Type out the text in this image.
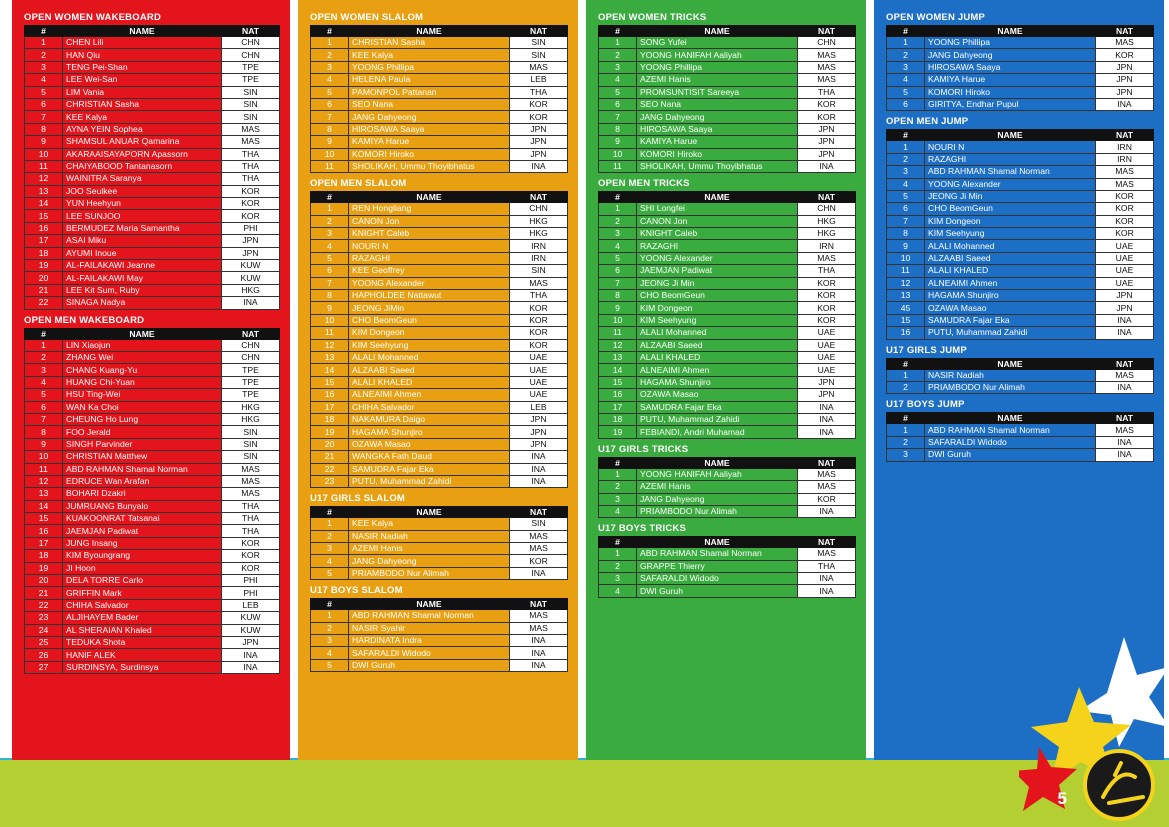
OPEN WOMEN WAKEBOARD
#	NAME	NAT
1	CHEN Lili	CHN
2	HAN Qiu	CHN
3	TENG Pei-Shan	TPE
4	LEE Wei-San	TPE
5	LIM Vania	SIN
6	CHRISTIAN Sasha	SIN
7	KEE Kalya	SIN
8	AYNA YEIN Sophea	MAS
9	SHAMSUL ANUAR Qamarina	MAS
10	AKARAAISAYAPORN Apassorn	THA
11	CHAIYABOOD Tantanasorn	THA
12	WAINITRA Saranya	THA
13	JOO Seulkee	KOR
14	YUN Heehyun	KOR
15	LEE SUNJOO	KOR
16	BERMUDEZ Maria Samantha	PHI
17	ASAI Miku	JPN
18	AYUMI Inoue	JPN
19	AL-FAILAKAWI Jeanne	KUW
20	AL-FAILAKAWI May	KUW
21	LEE Kit Sum, Ruby	HKG
22	SINAGA Nadya	INA
OPEN MEN WAKEBOARD
#	NAME	NAT
1	LIN Xiaojun	CHN
2	ZHANG Wei	CHN
3	CHANG Kuang-Yu	TPE
4	HUANG Chi-Yuan	TPE
5	HSU Ting-Wei	TPE
6	WAN Ka Choi	HKG
7	CHEUNG Ho Lung	HKG
8	FOO Jerald	SIN
9	SINGH Parvinder	SIN
10	CHRISTIAN Matthew	SIN
11	ABD RAHMAN Shamal Norman	MAS
12	EDRUCE Wan Arafan	MAS
13	BOHARI Dzakri	MAS
14	JUMRUANG Bunyalo	THA
15	KUAKOONRAT Tatsanai	THA
16	JAEMJAN Padiwat	THA
17	JUNG Insang	KOR
18	KIM Byoungrang	KOR
19	JI Hoon	KOR
20	DELA TORRE Carlo	PHI
21	GRIFFIN Mark	PHI
22	CHIHA Salvador	LEB
23	ALJIHAYEM Bader	KUW
24	AL SHERAIAN Khaled	KUW
25	TEDUKA Shota	JPN
26	HANIF ALEK	INA
27	SURDINSYA, Surdinsya	INA
OPEN WOMEN SLALOM
#	NAME	NAT
1	CHRISTIAN Sasha	SIN
2	KEE Kalya	SIN
3	YOONG Phillipa	MAS
4	HELENA Paula	LEB
5	PAMONPOL Pattanan	THA
6	SEO Nana	KOR
7	JANG Dahyeong	KOR
8	HIROSAWA Saaya	JPN
9	KAMIYA Harue	JPN
10	KOMORI Hiroko	JPN
11	SHOLIKAH, Ummu Thoyibhatus	INA
OPEN MEN SLALOM
#	NAME	NAT
1	REN Hongliang	CHN
2	CANON Jon	HKG
3	KNIGHT Caleb	HKG
4	NOURI N	IRN
5	RAZAGHI	IRN
6	KEE Geoffrey	SIN
7	YOONG Alexander	MAS
8	HAPHOLDEE Nattawut	THA
9	JEONG JiMin	KOR
10	CHO BeomGeun	KOR
11	KIM Dongeon	KOR
12	KIM Seehyung	KOR
13	ALALI Mohanned	UAE
14	ALZAABI Saeed	UAE
15	ALALI KHALED	UAE
16	ALNEAIMI Ahmen	UAE
17	CHIHA Salvador	LEB
18	NAKAMURA Daigo	JPN
19	HAGAMA Shunjiro	JPN
20	OZAWA Masao	JPN
21	WANGKA Fath Daud	INA
22	SAMUDRA Fajar Eka	INA
23	PUTU, Muhammad Zahidi	INA
U17 GIRLS SLALOM
#	NAME	NAT
1	KEE Kalya	SIN
2	NASIR Nadiah	MAS
3	AZEMI Hanis	MAS
4	JANG Dahyeong	KOR
5	PRIAMBODO Nur Alimah	INA
U17 BOYS SLALOM
#	NAME	NAT
1	ABD RAHMAN Shamal Norman	MAS
2	NASIR Syahir	MAS
3	HARDINATA Indra	INA
4	SAFARALDI Widodo	INA
5	DWI Guruh	INA
OPEN WOMEN TRICKS
#	NAME	NAT
1	SONG Yufei	CHN
2	YOONG HANIFAH Aaliyah	MAS
3	YOONG Phillipa	MAS
4	AZEMI Hanis	MAS
5	PROMSUNTISIT Sareeya	THA
6	SEO Nana	KOR
7	JANG Dahyeong	KOR
8	HIROSAWA Saaya	JPN
9	KAMIYA Harue	JPN
10	KOMORI Hiroko	JPN
11	SHOLIKAH, Ummu Thoyibhatus	INA
OPEN MEN TRICKS
#	NAME	NAT
1	SHI Longfei	CHN
2	CANON Jon	HKG
3	KNIGHT Caleb	HKG
4	RAZAGHI	IRN
5	YOONG Alexander	MAS
6	JAEMJAN Padiwat	THA
7	JEONG Ji Min	KOR
8	CHO BeomGeun	KOR
9	KIM Dongeon	KOR
10	KIM Seehyung	KOR
11	ALALI Mohanned	UAE
12	ALZAABI Saeed	UAE
13	ALALI KHALED	UAE
14	ALNEAIMI Ahmen	UAE
15	HAGAMA Shunjiro	JPN
16	OZAWA Masao	JPN
17	SAMUDRA Fajar Eka	INA
18	PUTU, Muhammad Zahidi	INA
19	FEBIANDI, Andri Muhamad	INA
U17 GIRLS TRICKS
#	NAME	NAT
1	YOONG HANIFAH Aaliyah	MAS
2	AZEMI Hanis	MAS
3	JANG Dahyeong	KOR
4	PRIAMBODO Nur Alimah	INA
U17 BOYS TRICKS
#	NAME	NAT
1	ABD RAHMAN Shamal Norman	MAS
2	GRAPPE Thierry	THA
3	SAFARALDI Widodo	INA
4	DWI Guruh	INA
OPEN WOMEN JUMP
#	NAME	NAT
1	YOONG Phillipa	MAS
2	JANG Dahyeong	KOR
3	HIROSAWA Saaya	JPN
4	KAMIYA Harue	JPN
5	KOMORI Hiroko	JPN
6	GIRITYA, Endhar Pupul	INA
OPEN MEN JUMP
#	NAME	NAT
1	NOURI N	IRN
2	RAZAGHI	IRN
3	ABD RAHMAN Shamal Norman	MAS
4	YOONG Alexander	MAS
5	JEONG Ji Min	KOR
6	CHO BeomGeun	KOR
7	KIM Dongeon	KOR
8	KIM Seehyung	KOR
9	ALALI Mohanned	UAE
10	ALZAABI Saeed	UAE
11	ALALI KHALED	UAE
12	ALNEAIMI Ahmen	UAE
13	HAGAMA Shunjiro	JPN
45	OZAWA Masao	JPN
15	SAMUDRA Fajar Eka	INA
16	PUTU, Muhammad Zahidi	INA
U17 GIRLS JUMP
#	NAME	NAT
1	NASIR Nadiah	MAS
2	PRIAMBODO Nur Alimah	INA
U17 BOYS JUMP
#	NAME	NAT
1	ABD RAHMAN Shamal Norman	MAS
2	SAFARALDI Widodo	INA
3	DWI Guruh	INA
5
